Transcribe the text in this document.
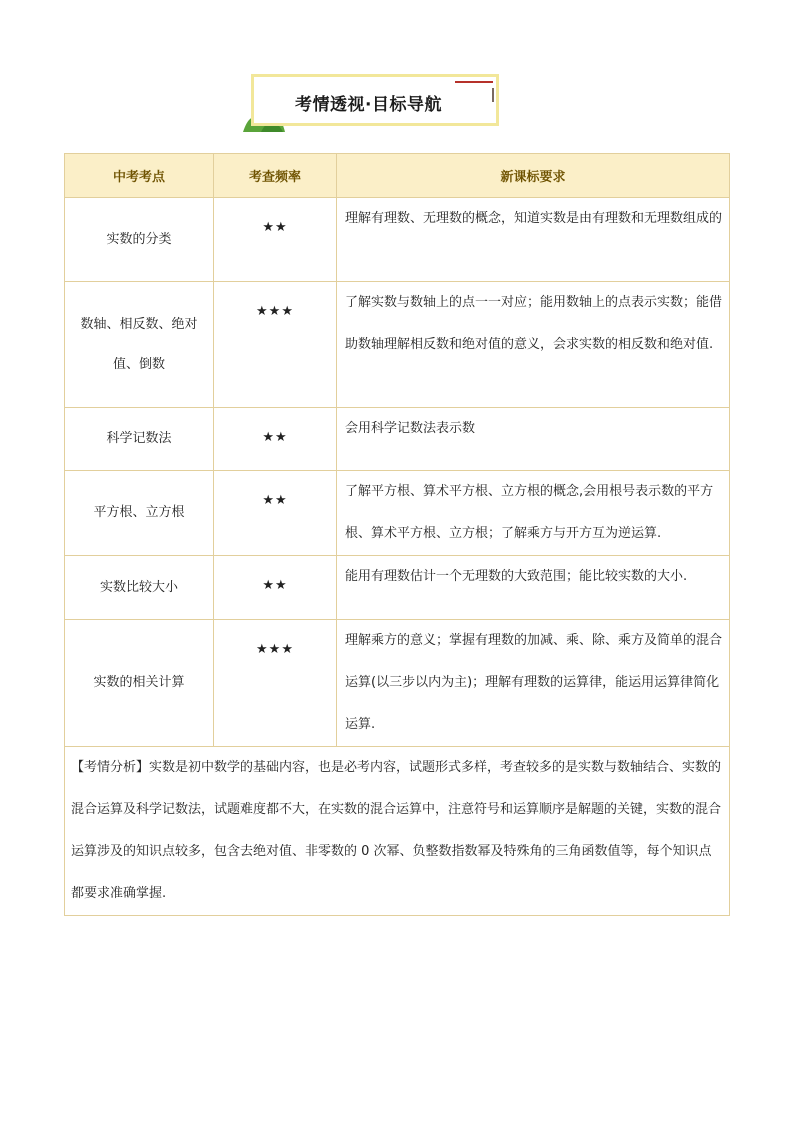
考情透视·目标导航
中考考点	考查频率	新课标要求
实数的分类	★★	理解有理数、无理数的概念，知道实数是由有理数和无理数组成的
数轴、相反数、绝对值、倒数	★★★	了解实数与数轴上的点一一对应；能用数轴上的点表示实数；能借助数轴理解相反数和绝对值的意义，会求实数的相反数和绝对值.
科学记数法	★★	会用科学记数法表示数
平方根、立方根	★★	了解平方根、算术平方根、立方根的概念,会用根号表示数的平方根、算术平方根、立方根；了解乘方与开方互为逆运算.
实数比较大小	★★	能用有理数估计一个无理数的大致范围；能比较实数的大小.
实数的相关计算	★★★	理解乘方的意义；掌握有理数的加减、乘、除、乘方及简单的混合运算(以三步以内为主)；理解有理数的运算律，能运用运算律简化运算.
【考情分析】实数是初中数学的基础内容，也是必考内容，试题形式多样，考查较多的是实数与数轴结合、实数的混合运算及科学记数法，试题难度都不大，在实数的混合运算中，注意符号和运算顺序是解题的关键，实数的混合运算涉及的知识点较多，包含去绝对值、非零数的 0 次幂、负整数指数幂及特殊角的三角函数值等，每个知识点都要求准确掌握.		
